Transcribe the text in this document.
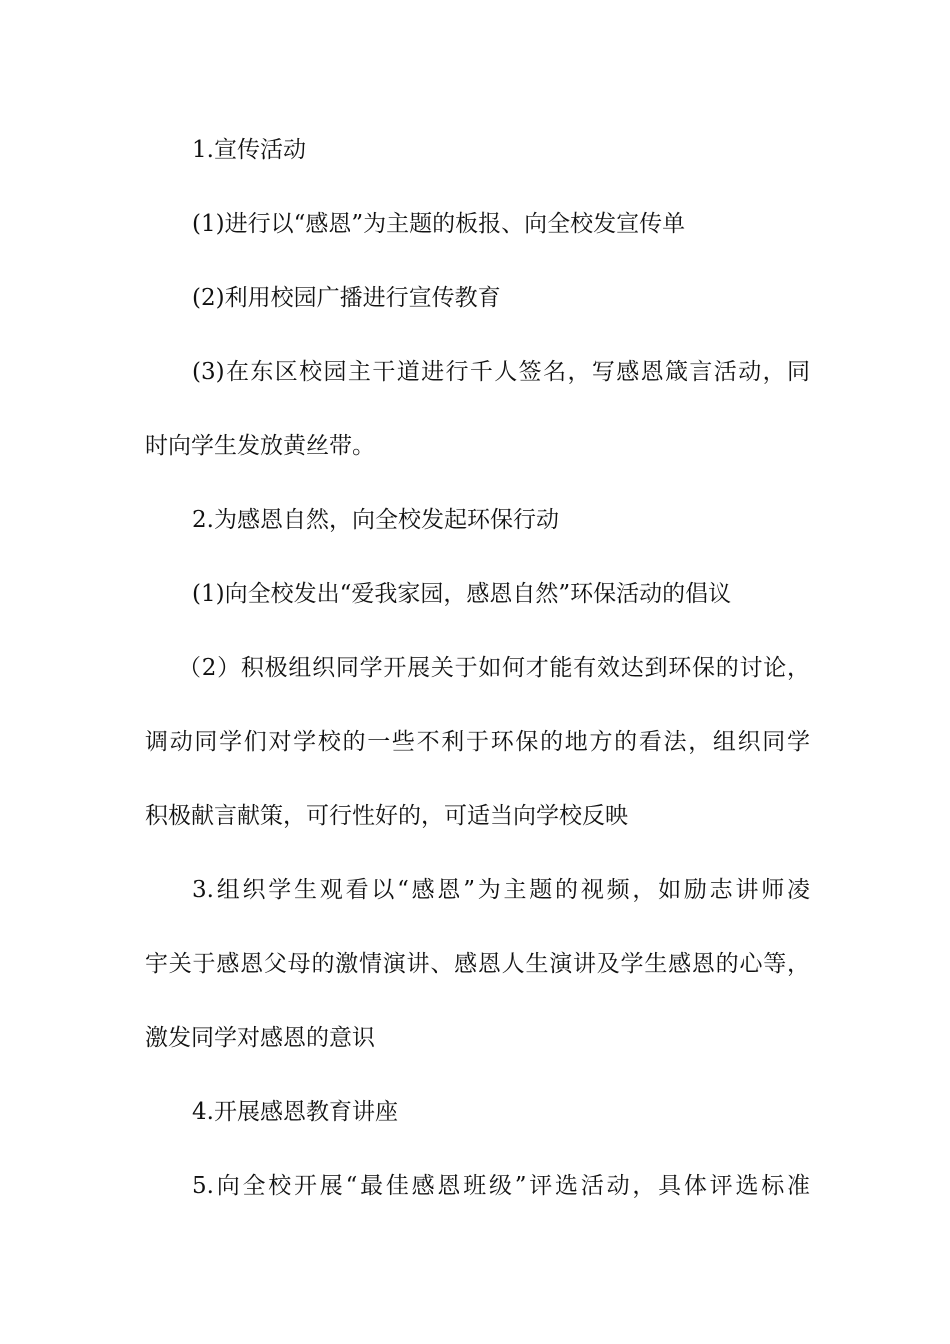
1.宣传活动

(1)进行以“感恩”为主题的板报、向全校发宣传单

(2)利用校园广播进行宣传教育

(3)在东区校园主干道进行千人签名，写感恩箴言活动，同

时向学生发放黄丝带。

2.为感恩自然，向全校发起环保行动

(1)向全校发出“爱我家园，感恩自然”环保活动的倡议

（2）积极组织同学开展关于如何才能有效达到环保的讨论，

调动同学们对学校的一些不利于环保的地方的看法，组织同学

积极献言献策，可行性好的，可适当向学校反映

3.组织学生观看以“感恩”为主题的视频，如励志讲师凌

宇关于感恩父母的激情演讲、感恩人生演讲及学生感恩的心等，

激发同学对感恩的意识

4.开展感恩教育讲座

5.向全校开展“最佳感恩班级”评选活动，具体评选标准
